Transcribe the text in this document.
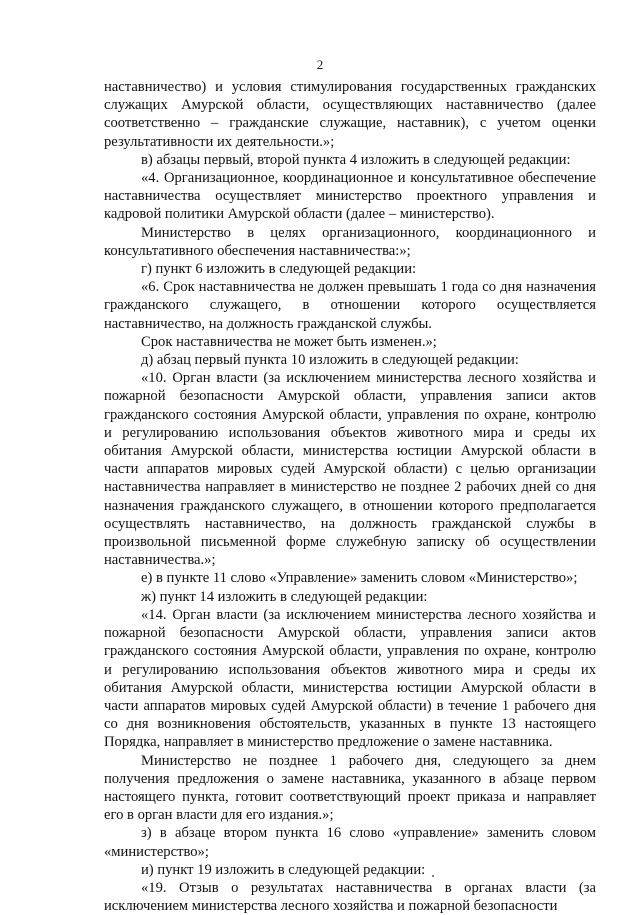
2

наставничество) и условия стимулирования государственных гражданских служащих Амурской области, осуществляющих наставничество (далее соответственно – гражданские служащие, наставник), с учетом оценки результативности их деятельности.»;

в) абзацы первый, второй пункта 4 изложить в следующей редакции:

«4. Организационное, координационное и консультативное обеспечение наставничества осуществляет министерство проектного управления и кадровой политики Амурской области (далее – министерство).

Министерство в целях организационного, координационного и консультативного обеспечения наставничества:»;

г) пункт 6 изложить в следующей редакции:

«6. Срок наставничества не должен превышать 1 года со дня назначения гражданского служащего, в отношении которого осуществляется наставничество, на должность гражданской службы.

Срок наставничества не может быть изменен.»;

д) абзац первый пункта 10 изложить в следующей редакции:

«10. Орган власти (за исключением министерства лесного хозяйства и пожарной безопасности Амурской области, управления записи актов гражданского состояния Амурской области, управления по охране, контролю и регулированию использования объектов животного мира и среды их обитания Амурской области, министерства юстиции Амурской области в части аппаратов мировых судей Амурской области) с целью организации наставничества направляет в министерство не позднее 2 рабочих дней со дня назначения гражданского служащего, в отношении которого предполагается осуществлять наставничество, на должность гражданской службы в произвольной письменной форме служебную записку об осуществлении наставничества.»;

е) в пункте 11 слово «Управление» заменить словом «Министерство»;

ж) пункт 14 изложить в следующей редакции:

«14. Орган власти (за исключением министерства лесного хозяйства и пожарной безопасности Амурской области, управления записи актов гражданского состояния Амурской области, управления по охране, контролю и регулированию использования объектов животного мира и среды их обитания Амурской области, министерства юстиции Амурской области в части аппаратов мировых судей Амурской области) в течение 1 рабочего дня со дня возникновения обстоятельств, указанных в пункте 13 настоящего Порядка, направляет в министерство предложение о замене наставника.

Министерство не позднее 1 рабочего дня, следующего за днем получения предложения о замене наставника, указанного в абзаце первом настоящего пункта, готовит соответствующий проект приказа и направляет его в орган власти для его издания.»;

з) в абзаце втором пункта 16 слово «управление» заменить словом «министерство»;

и) пункт 19 изложить в следующей редакции:

«19. Отзыв о результатах наставничества в органах власти (за исключением министерства лесного хозяйства и пожарной безопасности
